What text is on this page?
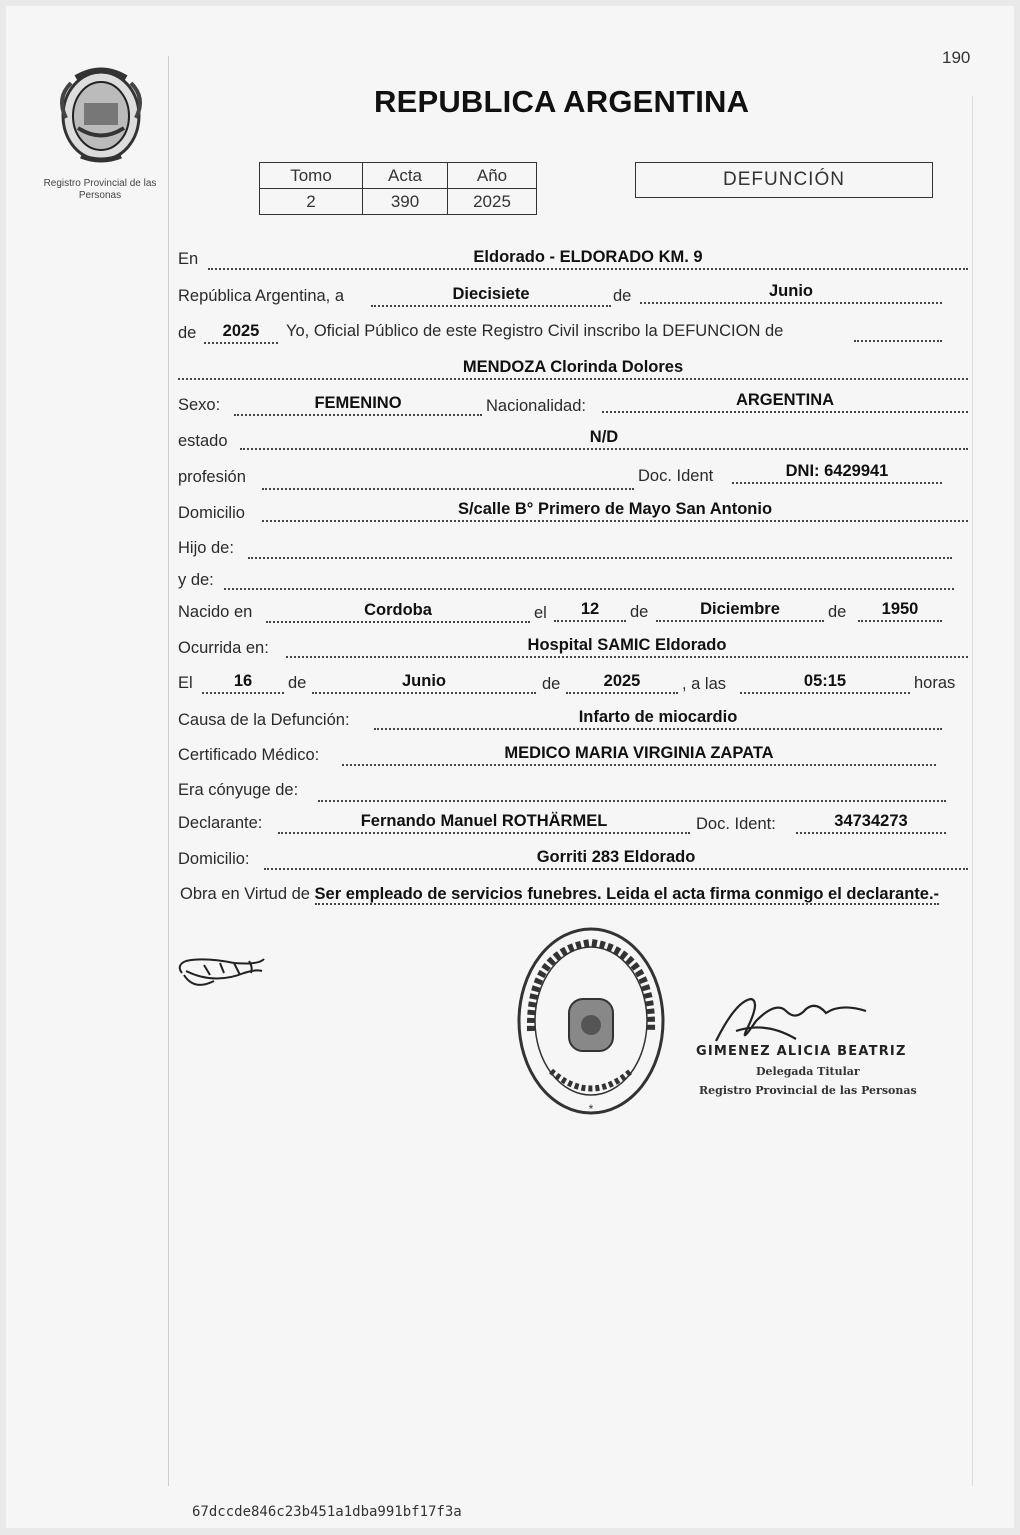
190
Registro Provincial de las Personas
REPUBLICA ARGENTINA
Tomo	Acta	Año
2	390	2025
DEFUNCIÓN
En	Eldorado - ELDORADO KM. 9
República Argentina, a	Diecisiete	de	Junio
de	2025	Yo, Oficial Público de este Registro Civil inscribo la DEFUNCION de
MENDOZA Clorinda Dolores
Sexo:	FEMENINO	Nacionalidad:	ARGENTINA
estado	N/D
profesión	Doc. Ident	DNI: 6429941
Domicilio	S/calle B° Primero de Mayo San Antonio
Hijo de:
y de:
Nacido en	Cordoba	el	12	de	Diciembre	de	1950
Ocurrida en:	Hospital SAMIC Eldorado
El	16	de	Junio	de	2025	, a las	05:15	horas
Causa de la Defunción:	Infarto de miocardio
Certificado Médico:	MEDICO MARIA VIRGINIA ZAPATA
Era cónyuge de:
Declarante:	Fernando Manuel ROTHÄRMEL	Doc. Ident:	34734273
Domicilio:	Gorriti 283 Eldorado
Obra en Virtud de Ser empleado de servicios funebres. Leida el acta firma conmigo el declarante.-
*
GIMENEZ ALICIA BEATRIZ
Delegada Titular
Registro Provincial de las Personas
67dccde846c23b451a1dba991bf17f3a
